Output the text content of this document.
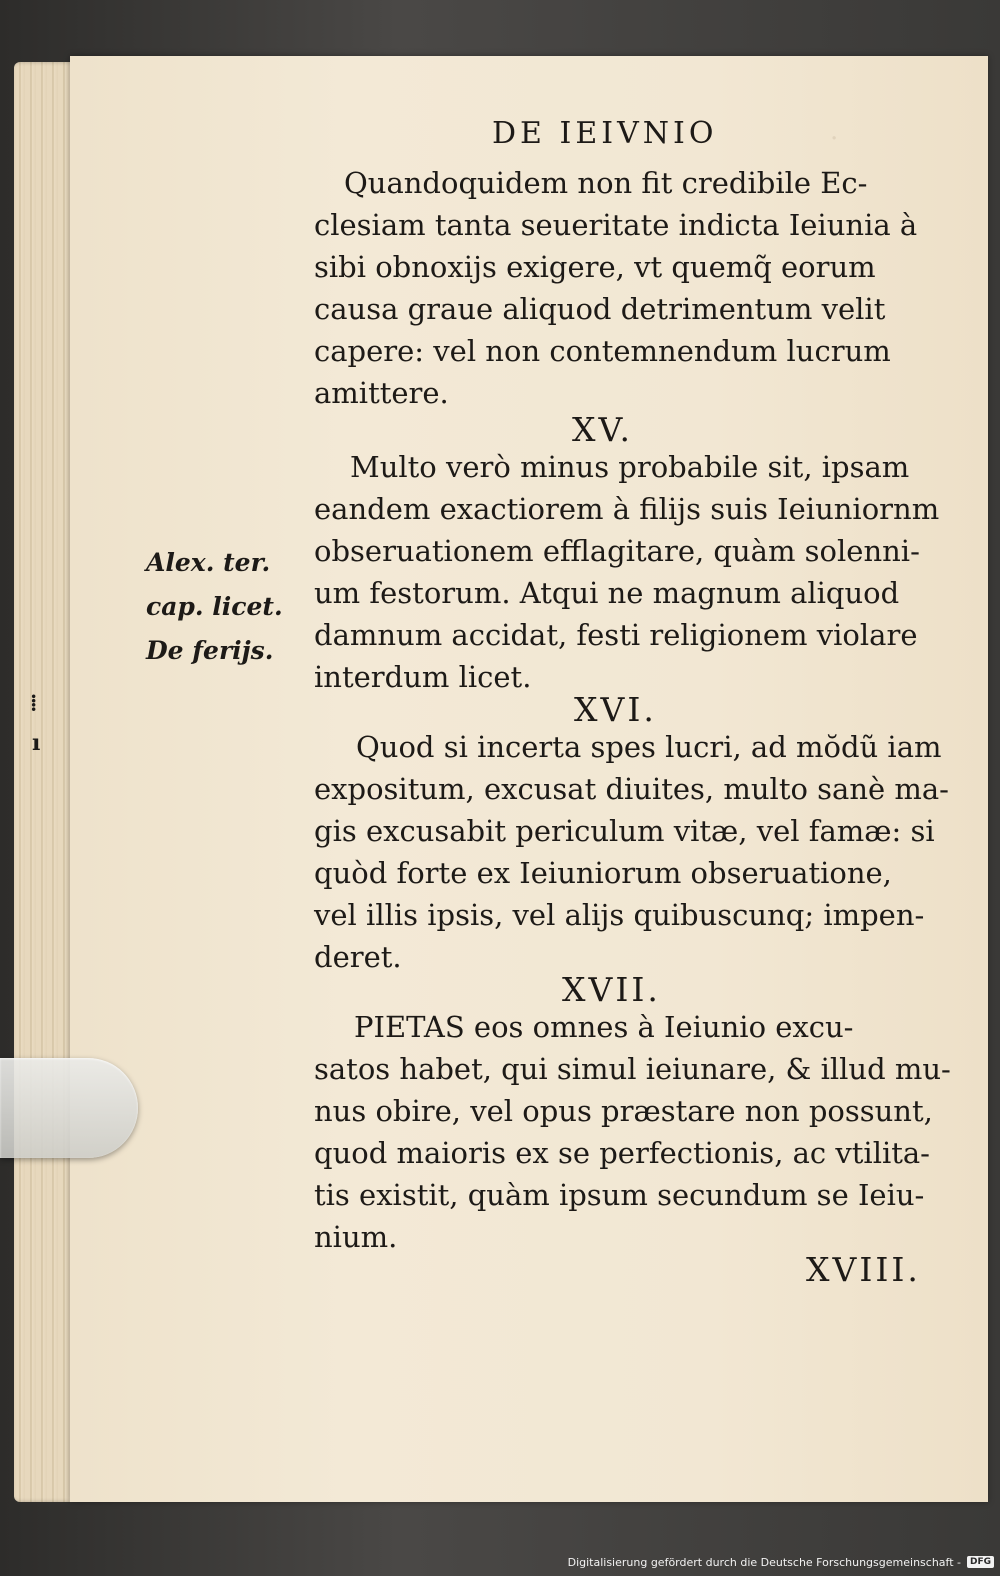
.
⁞
ı
DE IEIVNIO
Quandoquidem non fit credibile Ec-
clesiam tanta seueritate indicta Ieiunia à
sibi obnoxijs exigere, vt quemq̃ eorum
causa graue aliquod detrimentum velit
capere: vel non contemnendum lucrum
amittere.
XV.
Multo verò minus probabile sit, ipsam
eandem exactiorem à filijs suis Ieiuniornm
obseruationem efflagitare, quàm solenni-
um festorum. Atqui ne magnum aliquod
damnum accidat, festi religionem violare
interdum licet.
Alex. ter.
cap. licet.
De ferijs.
XVI.
Quod si incerta spes lucri, ad mŏdũ iam
expositum, excusat diuites, multo sanè ma-
gis excusabit periculum vitæ, vel famæ: si
quòd forte ex Ieiuniorum obseruatione,
vel illis ipsis, vel alijs quibuscunq; impen-
deret.
XVII.
PIETAS eos omnes à Ieiunio excu-
satos habet, qui simul ieiunare, & illud mu-
nus obire, vel opus præstare non possunt,
quod maioris ex se perfectionis, ac vtilita-
tis existit, quàm ipsum secundum se Ieiu-
nium.
XVIII.
Digitalisierung gefördert durch die Deutsche Forschungsgemeinschaft -	DFG
